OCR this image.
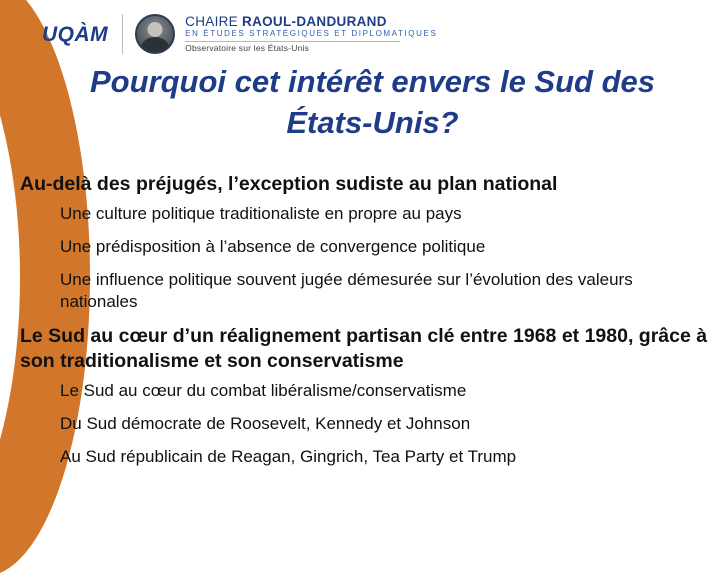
UQÀM
CHAIRE RAOUL-DANDURAND
EN ÉTUDES STRATÉGIQUES ET DIPLOMATIQUES
Observatoire sur les États-Unis
Pourquoi cet intérêt envers le Sud des États-Unis?

Au-delà des préjugés, l’exception sudiste au plan national

• Une culture politique traditionaliste en propre au pays
• Une prédisposition à l’absence de convergence politique
• Une influence politique souvent jugée démesurée sur l’évolution des valeurs nationales

Le Sud au cœur d’un réalignement partisan clé entre 1968 et 1980, grâce à son traditionalisme et son conservatisme

• Le Sud au cœur du combat libéralisme/conservatisme
• Du Sud démocrate de Roosevelt, Kennedy et Johnson
• Au Sud républicain de Reagan, Gingrich, Tea Party et Trump
